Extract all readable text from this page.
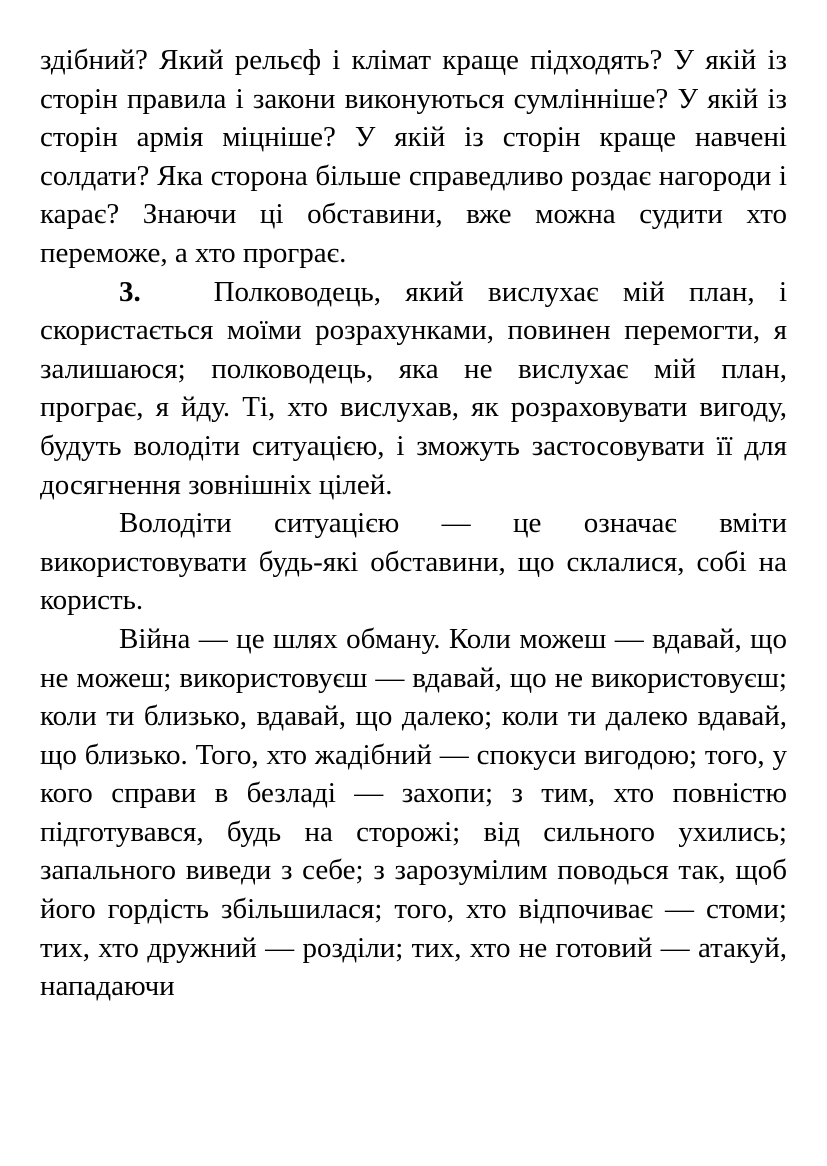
здібний? Який рельєф і клімат краще підходять? У якій із сторін правила і закони виконуються сумлінніше? У якій із сторін армія міцніше? У якій із сторін краще навчені солдати? Яка сторона більше справедливо роздає нагороди і карає? Знаючи ці обставини, вже можна судити хто переможе, а хто програє.

3.	Полководець, який вислухає мій план, і скористається моїми розрахунками, повинен перемогти, я залишаюся; полководець, яка не вислухає мій план, програє, я йду. Ті, хто вислухав, як розраховувати вигоду, будуть володіти ситуацією, і зможуть застосовувати її для досягнення зовнішніх цілей.

Володіти ситуацією — це означає вміти використовувати будь-які обставини, що склалися, собі на користь.

Війна — це шлях обману. Коли можеш — вдавай, що не можеш; використовуєш — вдавай, що не використовуєш; коли ти близько, вдавай, що далеко; коли ти далеко вдавай, що близько. Того, хто жадібний — спокуси вигодою; того, у кого справи в безладі — захопи; з тим, хто повністю підготувався, будь на сторожі; від сильного ухились; запального виведи з себе; з зарозумілим поводься так, щоб його гордість збільшилася; того, хто відпочиває — стоми; тих, хто дружний — розділи; тих, хто не готовий — атакуй, нападаючи
